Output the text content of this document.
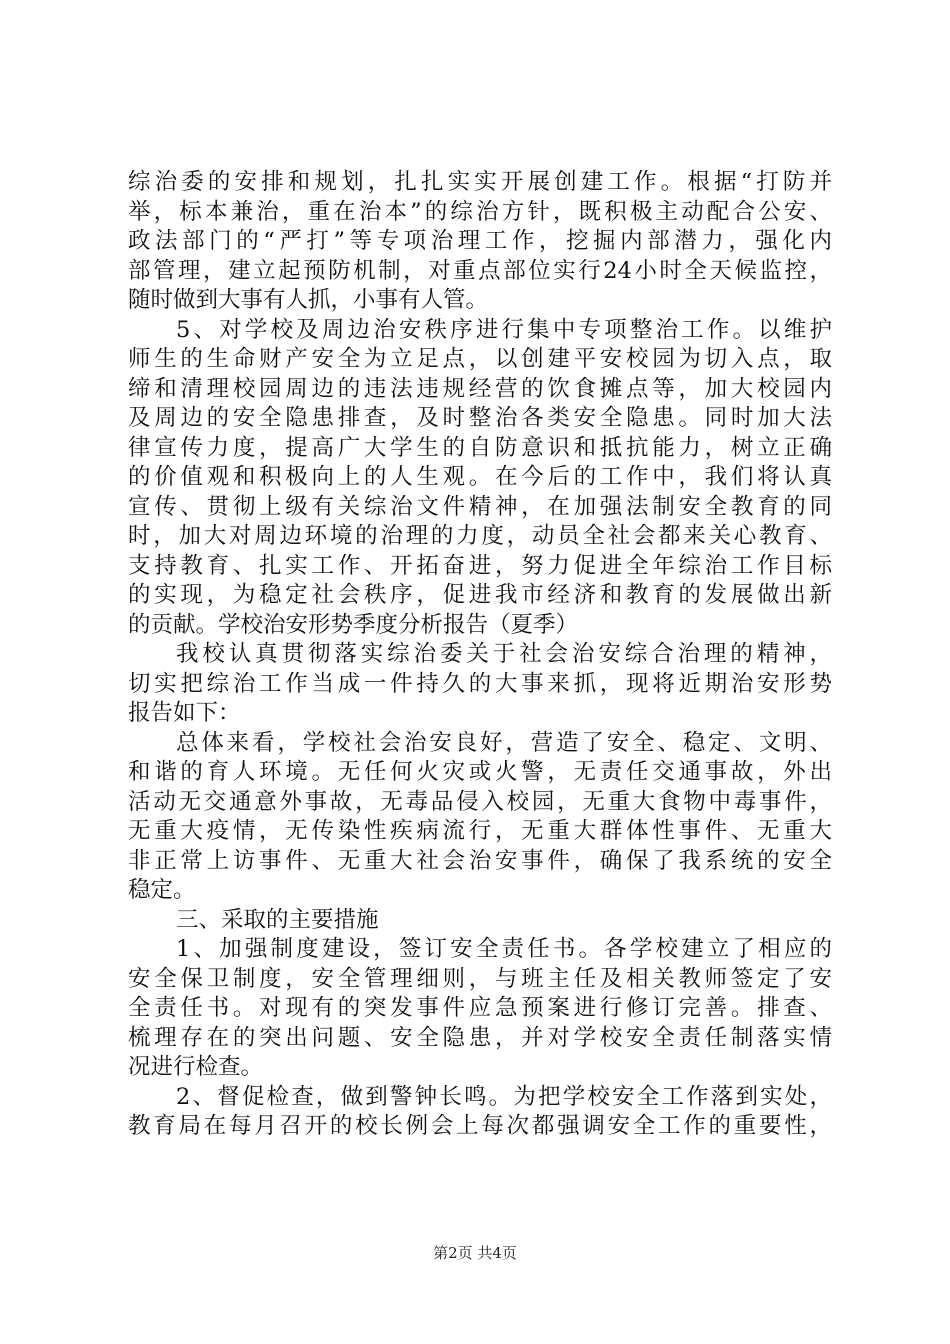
综治委的安排和规划，扎扎实实开展创建工作。根据“打防并
举，标本兼治，重在治本”的综治方针，既积极主动配合公安、
政法部门的“严打”等专项治理工作，挖掘内部潜力，强化内
部管理，建立起预防机制，对重点部位实行24小时全天候监控，
随时做到大事有人抓，小事有人管。
5、对学校及周边治安秩序进行集中专项整治工作。以维护
师生的生命财产安全为立足点，以创建平安校园为切入点，取
缔和清理校园周边的违法违规经营的饮食摊点等，加大校园内
及周边的安全隐患排查，及时整治各类安全隐患。同时加大法
律宣传力度，提高广大学生的自防意识和抵抗能力，树立正确
的价值观和积极向上的人生观。在今后的工作中，我们将认真
宣传、贯彻上级有关综治文件精神，在加强法制安全教育的同
时，加大对周边环境的治理的力度，动员全社会都来关心教育、
支持教育、扎实工作、开拓奋进，努力促进全年综治工作目标
的实现，为稳定社会秩序，促进我市经济和教育的发展做出新
的贡献。学校治安形势季度分析报告（夏季）
我校认真贯彻落实综治委关于社会治安综合治理的精神，
切实把综治工作当成一件持久的大事来抓，现将近期治安形势
报告如下：
总体来看，学校社会治安良好，营造了安全、稳定、文明、
和谐的育人环境。无任何火灾或火警，无责任交通事故，外出
活动无交通意外事故，无毒品侵入校园，无重大食物中毒事件，
无重大疫情，无传染性疾病流行，无重大群体性事件、无重大
非正常上访事件、无重大社会治安事件，确保了我系统的安全
稳定。
三、采取的主要措施
1、加强制度建设，签订安全责任书。各学校建立了相应的
安全保卫制度，安全管理细则，与班主任及相关教师签定了安
全责任书。对现有的突发事件应急预案进行修订完善。排查、
梳理存在的突出问题、安全隐患，并对学校安全责任制落实情
况进行检查。
2、督促检查，做到警钟长鸣。为把学校安全工作落到实处，
教育局在每月召开的校长例会上每次都强调安全工作的重要性，
第2页 共4页
